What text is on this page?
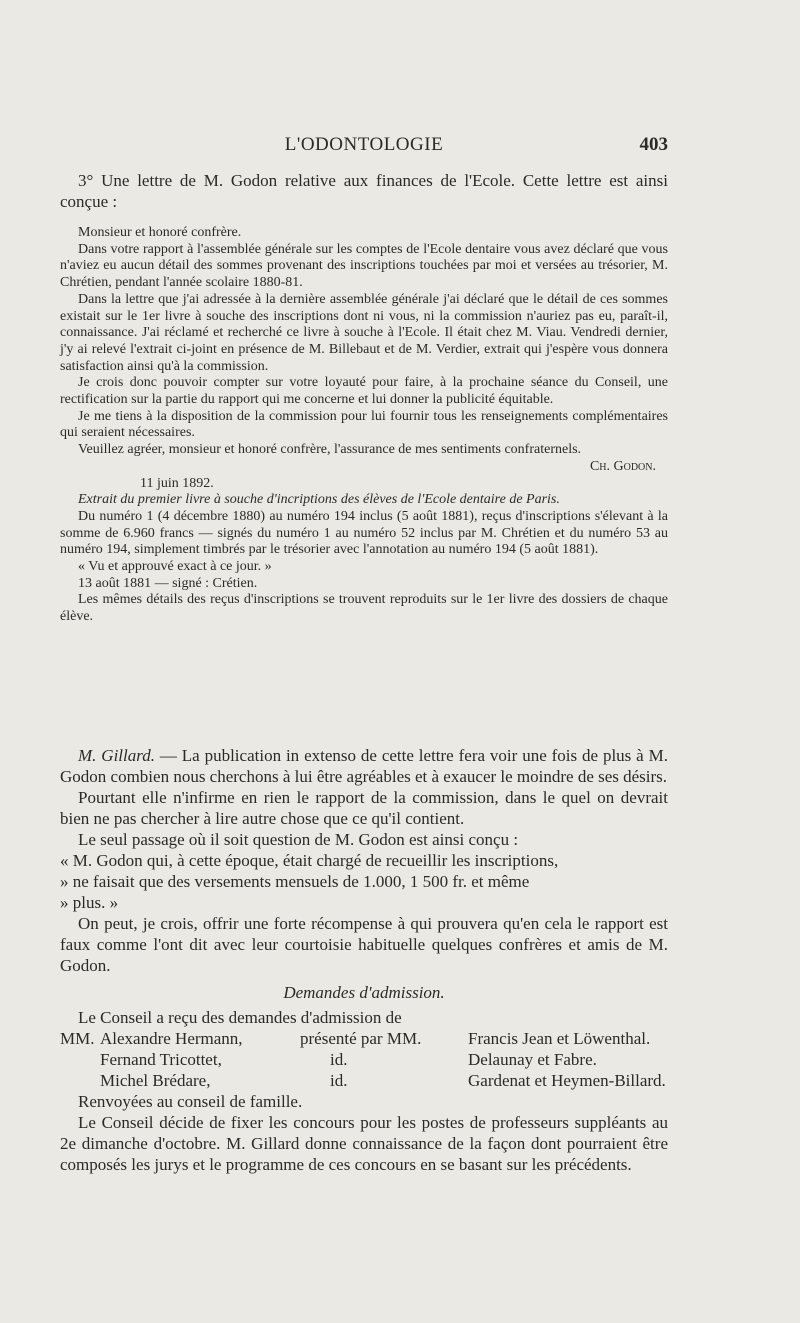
L'ODONTOLOGIE	403
3° Une lettre de M. Godon relative aux finances de l'Ecole. Cette lettre est ainsi conçue :

Monsieur et honoré confrère.

Dans votre rapport à l'assemblée générale sur les comptes de l'Ecole dentaire vous avez déclaré que vous n'aviez eu aucun détail des sommes provenant des inscriptions touchées par moi et versées au trésorier, M. Chrétien, pendant l'année scolaire 1880-81.

Dans la lettre que j'ai adressée à la dernière assemblée générale j'ai déclaré que le détail de ces sommes existait sur le 1er livre à souche des inscriptions dont ni vous, ni la commission n'auriez pas eu, paraît-il, connaissance. J'ai réclamé et recherché ce livre à souche à l'Ecole. Il était chez M. Viau. Vendredi dernier, j'y ai relevé l'extrait ci-joint en présence de M. Billebaut et de M. Verdier, extrait qui j'espère vous donnera satisfaction ainsi qu'à la commission.

Je crois donc pouvoir compter sur votre loyauté pour faire, à la prochaine séance du Conseil, une rectification sur la partie du rapport qui me concerne et lui donner la publicité équitable.

Je me tiens à la disposition de la commission pour lui fournir tous les renseignements complémentaires qui seraient nécessaires.

Veuillez agréer, monsieur et honoré confrère, l'assurance de mes sentiments confraternels.

Ch. Godon.

11 juin 1892.

Extrait du premier livre à souche d'incriptions des élèves de l'Ecole dentaire de Paris.

Du numéro 1 (4 décembre 1880) au numéro 194 inclus (5 août 1881), reçus d'inscriptions s'élevant à la somme de 6.960 francs — signés du numéro 1 au numéro 52 inclus par M. Chrétien et du numéro 53 au numéro 194, simplement timbrés par le trésorier avec l'annotation au numéro 194 (5 août 1881).

« Vu et approuvé exact à ce jour. »

13 août 1881 — signé : Crétien.

Les mêmes détails des reçus d'inscriptions se trouvent reproduits sur le 1er livre des dossiers de chaque élève.

M. Gillard. — La publication in extenso de cette lettre fera voir une fois de plus à M. Godon combien nous cherchons à lui être agréables et à exaucer le moindre de ses désirs.

Pourtant elle n'infirme en rien le rapport de la commission, dans le quel on devrait bien ne pas chercher à lire autre chose que ce qu'il contient.

Le seul passage où il soit question de M. Godon est ainsi conçu :

« M. Godon qui, à cette époque, était chargé de recueillir les inscriptions,

» ne faisait que des versements mensuels de 1.000, 1 500 fr. et même

» plus. »

On peut, je crois, offrir une forte récompense à qui prouvera qu'en cela le rapport est faux comme l'ont dit avec leur courtoisie habituelle quelques confrères et amis de M. Godon.

Demandes d'admission.

Le Conseil a reçu des demandes d'admission de

MM. Alexandre Hermann,	présenté par MM.	Francis Jean et Löwenthal.
Fernand Tricottet,	id.	Delaunay et Fabre.
Michel Brédare,	id.	Gardenat et Heymen-Billard.

Renvoyées au conseil de famille.

Le Conseil décide de fixer les concours pour les postes de professeurs suppléants au 2e dimanche d'octobre. M. Gillard donne connaissance de la façon dont pourraient être composés les jurys et le programme de ces concours en se basant sur les précédents.
